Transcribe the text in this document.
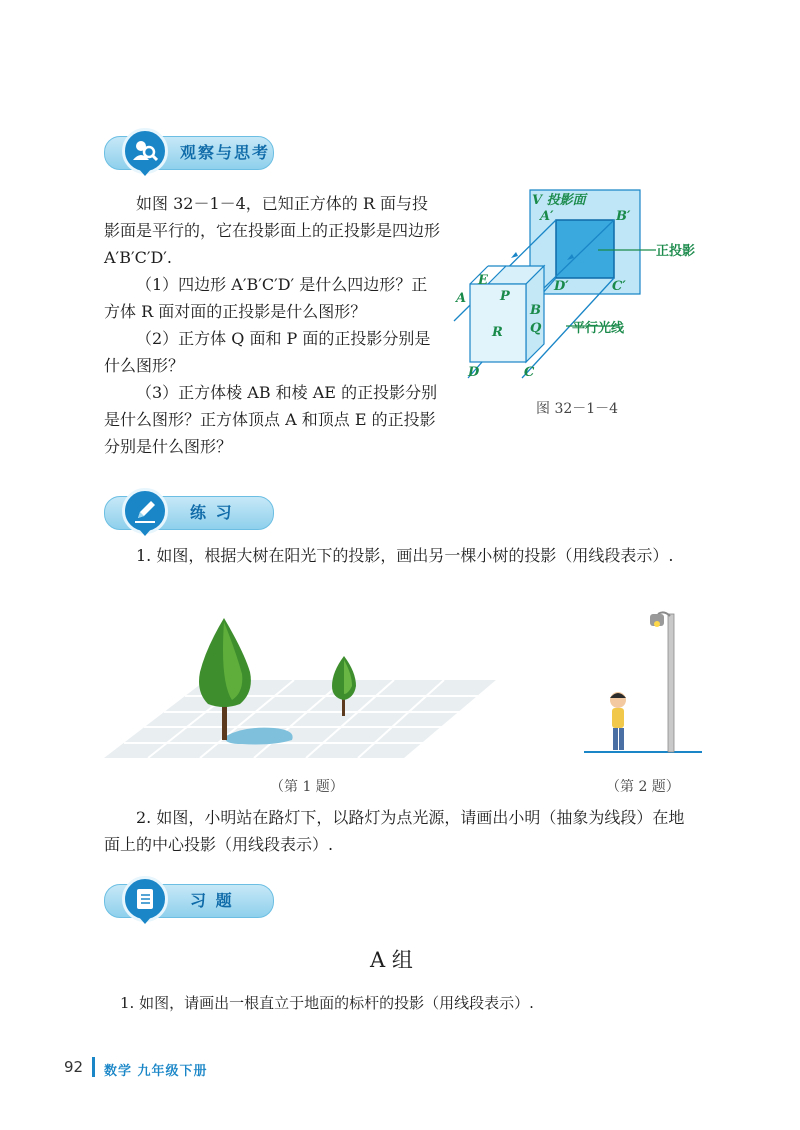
观察与思考

如图 32－1－4，已知正方体的 R 面与投影面是平行的，它在投影面上的正投影是四边形 A′B′C′D′.

（1）四边形 A′B′C′D′ 是什么四边形？正方体 R 面对面的正投影是什么图形？

（2）正方体 Q 面和 P 面的正投影分别是什么图形？

（3）正方体棱 AB 和棱 AE 的正投影分别是什么图形？正方体顶点 A 和顶点 E 的正投影分别是什么图形？

V 投影面
A′	B′
D′	C′
E
A	P
B
Q
R
D	C
正投影
平行光线
图 32－1－4
练 习

1. 如图，根据大树在阳光下的投影，画出另一棵小树的投影（用线段表示）.

（第 1 题）	（第 2 题）

2. 如图，小明站在路灯下，以路灯为点光源，请画出小明（抽象为线段）在地面上的中心投影（用线段表示）.

习 题
A 组

1. 如图，请画出一根直立于地面的标杆的投影（用线段表示）.

92 数学 九年级下册
